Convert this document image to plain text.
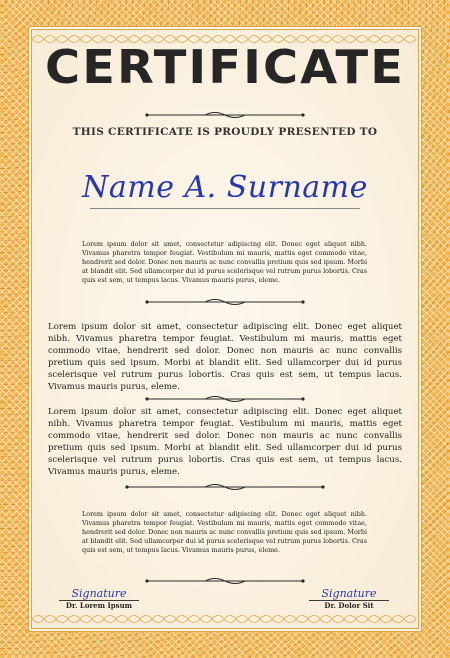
CERTIFICATE
THIS CERTIFICATE IS PROUDLY PRESENTED TO
Name A. Surname
Lorem ipsum dolor sit amet, consectetur adipiscing elit. Donec eget aliquet nibh. Vivamus pharetra tempor feugiat. Vestibulum mi mauris, mattis eget commodo vitae, hendrerit sed dolor. Donec non mauris ac nunc convallis pretium quis sed ipsum. Morbi at blandit elit. Sed ullamcorper dui id purus scelerisque vel rutrum purus lobortis. Cras quis est sem, ut tempus lacus. Vivamus mauris purus, eleme.
Lorem ipsum dolor sit amet, consectetur adipiscing elit. Donec eget aliquet nibh. Vivamus pharetra tempor feugiat. Vestibulum mi mauris, mattis eget commodo vitae, hendrerit sed dolor. Donec non mauris ac nunc convallis pretium quis sed ipsum. Morbi at blandit elit. Sed ullamcorper dui id purus scelerisque vel rutrum purus lobortis. Cras quis est sem, ut tempus lacus. Vivamus mauris purus, eleme.
Lorem ipsum dolor sit amet, consectetur adipiscing elit. Donec eget aliquet nibh. Vivamus pharetra tempor feugiat. Vestibulum mi mauris, mattis eget commodo vitae, hendrerit sed dolor. Donec non mauris ac nunc convallis pretium quis sed ipsum. Morbi at blandit elit. Sed ullamcorper dui id purus scelerisque vel rutrum purus lobortis. Cras quis est sem, ut tempus lacus. Vivamus mauris purus, eleme.
Lorem ipsum dolor sit amet, consectetur adipiscing elit. Donec eget aliquet nibh. Vivamus pharetra tempor feugiat. Vestibulum mi mauris, mattis eget commodo vitae, hendrerit sed dolor. Donec non mauris ac nunc convallis pretium quis sed ipsum. Morbi at blandit elit. Sed ullamcorper dui id purus scelerisque vel rutrum purus lobortis. Cras quis est sem, ut tempus lacus. Vivamus mauris purus, eleme.
Signature
Dr. Lorem Ipsum
Signature
Dr. Dolor Sit
